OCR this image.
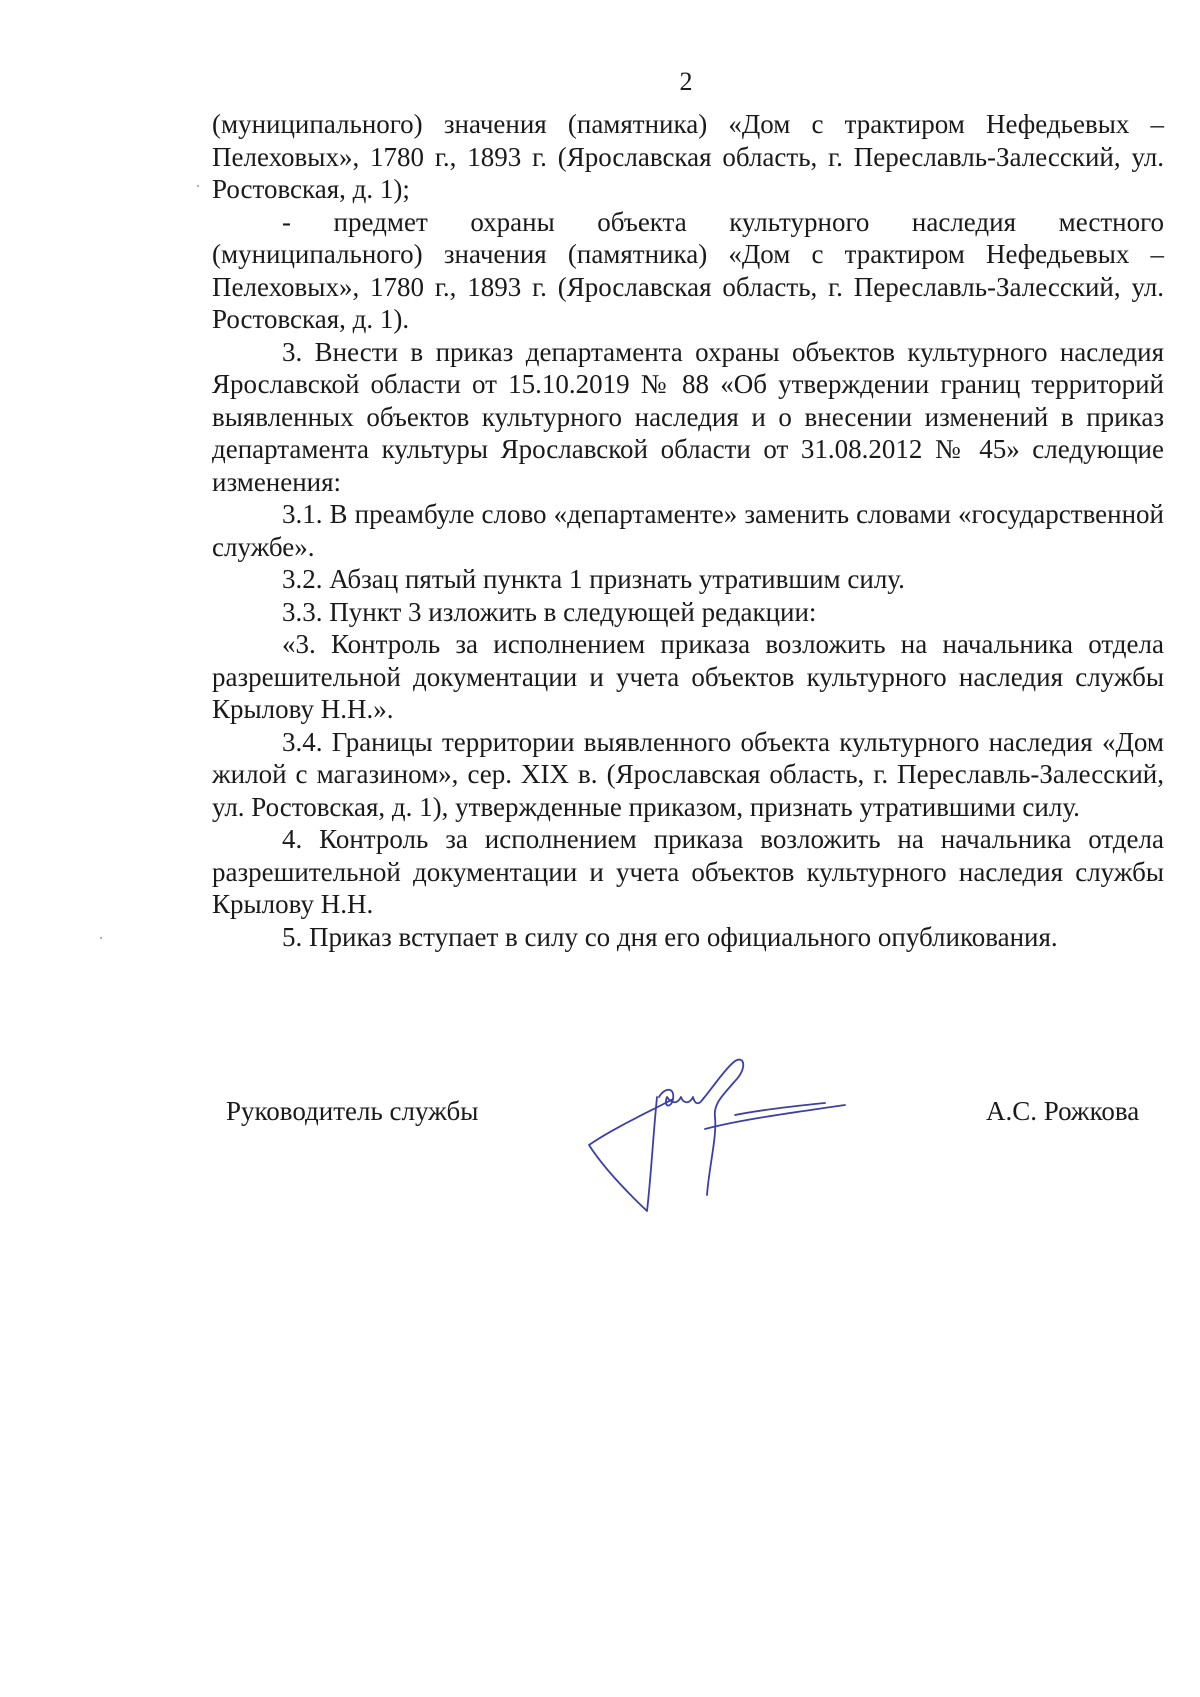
2

(муниципального) значения (памятника) «Дом с трактиром Нефедьевых – Пелеховых», 1780 г., 1893 г. (Ярославская область, г. Переславль-Залесский, ул. Ростовская, д. 1);

- предмет охраны объекта культурного наследия местного (муниципального) значения (памятника) «Дом с трактиром Нефедьевых – Пелеховых», 1780 г., 1893 г. (Ярославская область, г. Переславль-Залесский, ул. Ростовская, д. 1).

3. Внести в приказ департамента охраны объектов культурного наследия Ярославской области от 15.10.2019 № 88 «Об утверждении границ территорий выявленных объектов культурного наследия и о внесении изменений в приказ департамента культуры Ярославской области от 31.08.2012 № 45» следующие изменения:

3.1. В преамбуле слово «департаменте» заменить словами «государственной службе».

3.2. Абзац пятый пункта 1 признать утратившим силу.

3.3. Пункт 3 изложить в следующей редакции:

«3. Контроль за исполнением приказа возложить на начальника отдела разрешительной документации и учета объектов культурного наследия службы Крылову Н.Н.».

3.4. Границы территории выявленного объекта культурного наследия «Дом жилой с магазином», сер. XIX в. (Ярославская область, г. Переславль-Залесский, ул. Ростовская, д. 1), утвержденные приказом, признать утратившими силу.

4. Контроль за исполнением приказа возложить на начальника отдела разрешительной документации и учета объектов культурного наследия службы Крылову Н.Н.

5. Приказ вступает в силу со дня его официального опубликования.

Руководитель службы	А.С. Рожкова
